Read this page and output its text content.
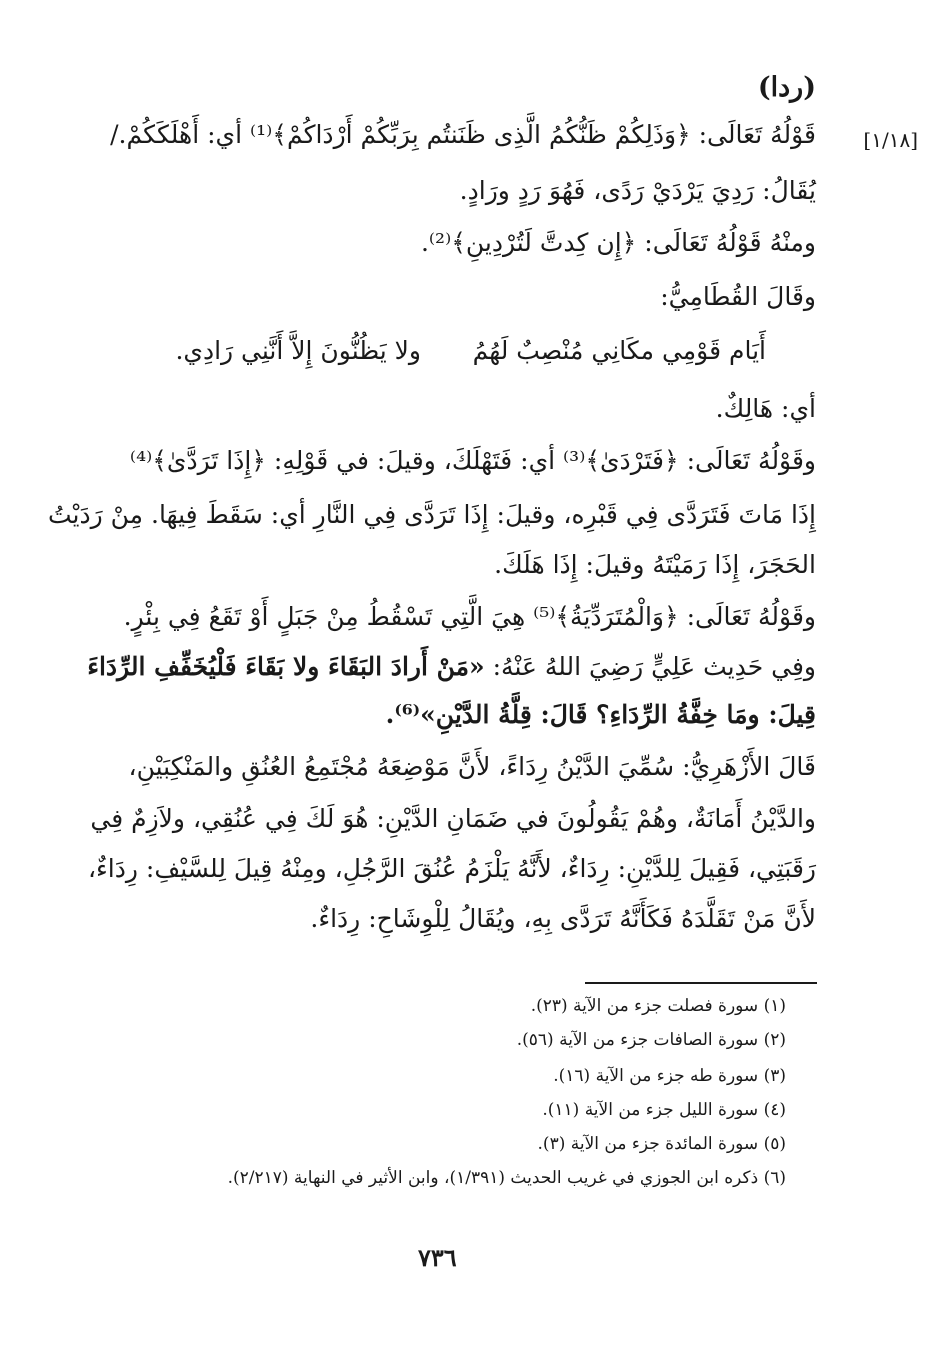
(ردا)
[١/١٨]
قَوْلُهُ تَعَالَى: ﴿وَذَلِكُمْ ظَنُّكُمُ الَّذِى ظَنَنتُم بِرَبِّكُمْ أَرْدَاكُمْ﴾⁽¹⁾ أي: أَهْلَكَكُمْ./
يُقَالُ: رَدِيَ يَرْدَيْ رَدًى، فَهُوَ رَدٍ ورَادٍ.
ومنْهُ قَوْلُهُ تَعَالَى: ﴿إِن كِدتَّ لَتُرْدِينِ﴾⁽²⁾.
وقَالَ القُطَامِيُّ:
أَيَام قَوْمِي مكَانِي مُنْصِبٌ لَهُمُ
ولا يَظُنُّونَ إِلاَّ أَنَّنِي رَادِي.
أي: هَالِكٌ.
وقَوْلُهُ تَعَالَى: ﴿فَتَرْدَىٰ﴾⁽³⁾ أي: فَتَهْلَكَ، وقيلَ: في قَوْلِهِ: ﴿إِذَا تَرَدَّىٰ﴾⁽⁴⁾
إِذَا مَاتَ فَتَرَدَّى فِي قَبْرِه، وقيلَ: إِذَا تَرَدَّى فِي النَّارِ أي: سَقَطَ فِيهَا. مِنْ رَدَيْتُ
الحَجَرَ، إِذَا رَمَيْتَهُ وقيلَ: إِذَا هَلَكَ.
وقَوْلُهُ تَعَالَى: ﴿وَالْمُتَرَدِّيَةُ﴾⁽⁵⁾ هِيَ الَّتِي تَسْقُطُ مِنْ جَبَلٍ أَوْ تَقَعُ فِي بِئْرٍ.
وفِي حَدِيث عَلِيٍّ رَضِيَ اللهُ عَنْهُ: «مَنْ أَرادَ البَقَاءَ ولا بَقَاءَ فَلْيُخَفِّفِ الرِّدَاءَ
قِيلَ: ومَا خِفَّةُ الرِّدَاءِ؟ قَالَ: قِلَّةُ الدَّيْنِ»⁽⁶⁾.
قَالَ الأَزْهَرِيُّ: سُمِّيَ الدَّيْنُ رِدَاءً، لأَنَّ مَوْضِعَهُ مُجْتَمِعُ العُنُقِ والمَنْكِبَيْنِ،
والدَّيْنُ أَمَانَةٌ، وهُمْ يَقُولُونَ في ضَمَانِ الدَّيْنِ: هُوَ لَكَ فِي عُنُقِي، ولاَزِمٌ فِي
رَقَبَتِي، فَقِيلَ لِلدَّيْنِ: رِدَاءٌ، لأَنَّهُ يَلْزَمُ عُنُقَ الرَّجُلِ، ومِنْهُ قِيلَ لِلسَّيْفِ: رِدَاءٌ،
لأَنَّ مَنْ تَقَلَّدَهُ فَكَأَنَّهُ تَرَدَّى بِهِ، ويُقَالُ لِلْوِشَاحِ: رِدَاءٌ.
(١) سورة فصلت جزء من الآية (٢٣).
(٢) سورة الصافات جزء من الآية (٥٦).
(٣) سورة طه جزء من الآية (١٦).
(٤) سورة الليل جزء من الآية (١١).
(٥) سورة المائدة جزء من الآية (٣).
(٦) ذكره ابن الجوزي في غريب الحديث (١/٣٩١)، وابن الأثير في النهاية (٢/٢١٧).
٧٣٦
